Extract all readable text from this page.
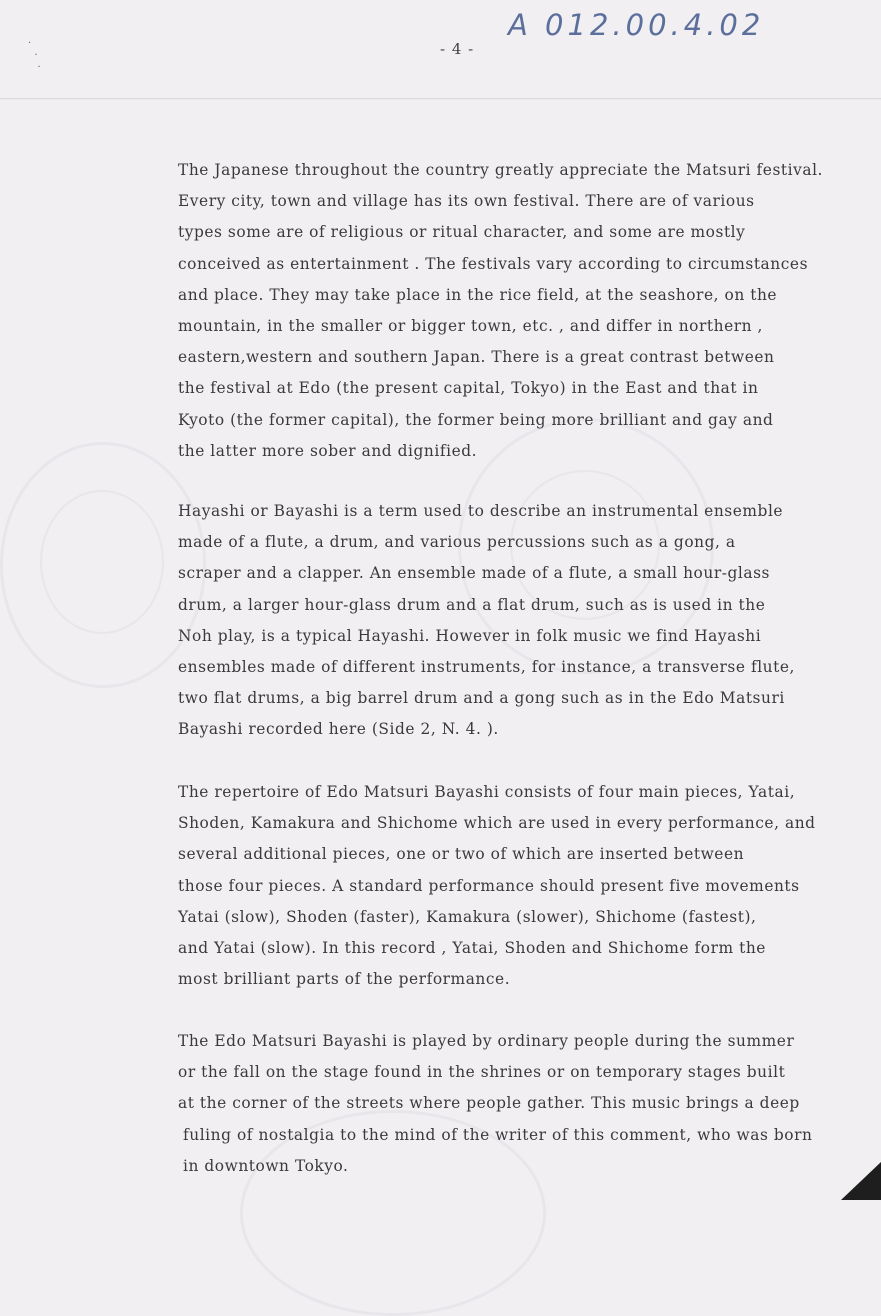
·
·
·
A 012.00.4.02
- 4 -
The Japanese throughout the country greatly appreciate the Matsuri festival.
Every city, town and village has its own festival. There are of various
types some are of religious or ritual character, and some are mostly
conceived as entertainment . The festivals vary according to circumstances
and place. They may take place in the rice field, at the seashore, on the
mountain, in the smaller or bigger town, etc. , and differ in northern ,
eastern,western and southern Japan. There is a great contrast between
the festival at Edo (the present capital, Tokyo) in the East and that in
Kyoto (the former capital), the former being more brilliant and gay and
the latter more sober and dignified.
Hayashi or Bayashi is a term used to describe an instrumental ensemble
made of a flute, a drum, and various percussions such as a gong, a
scraper and a clapper. An ensemble made of a flute, a small hour-glass
drum, a larger hour-glass drum and a flat drum, such as is used in the
Noh play, is a typical Hayashi. However in folk music we find Hayashi
ensembles made of different instruments, for instance, a transverse flute,
two flat drums, a big barrel drum and a gong such as in the Edo Matsuri
Bayashi recorded here (Side 2, N. 4. ).
The repertoire of Edo Matsuri Bayashi consists of four main pieces, Yatai,
Shoden, Kamakura and Shichome which are used in every performance, and
several additional pieces, one or two of which are inserted between
those four pieces. A standard performance should present five movements
Yatai (slow), Shoden (faster), Kamakura (slower), Shichome (fastest),
and Yatai (slow). In this record , Yatai, Shoden and Shichome form the
most brilliant parts of the performance.
The Edo Matsuri Bayashi is played by ordinary people during the summer
or the fall on the stage found in the shrines or on temporary stages built
at the corner of the streets where people gather. This music brings a deep
fuling of nostalgia to the mind of the writer of this comment, who was born
in downtown Tokyo.
